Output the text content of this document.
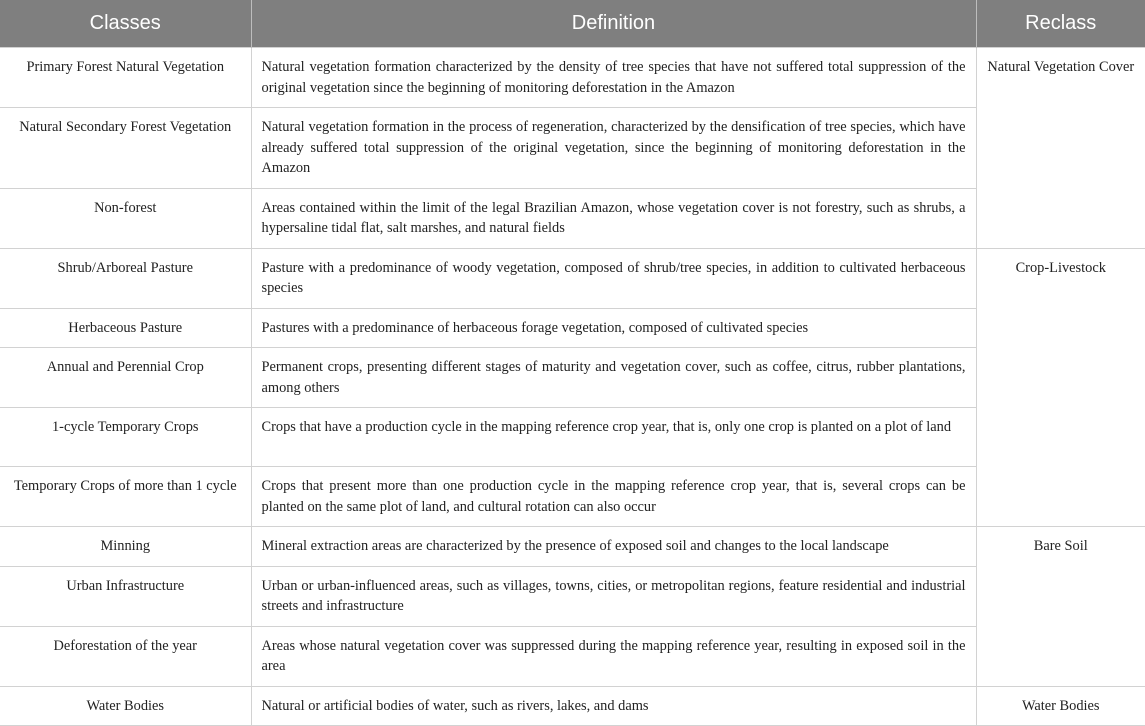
Classes	Definition	Reclass
Primary Forest Natural Vegetation	Natural vegetation formation characterized by the density of tree species that have not suffered total suppression of the original vegetation since the beginning of monitoring deforestation in the Amazon	Natural Vegetation Cover
Natural Secondary Forest Vegetation	Natural vegetation formation in the process of regeneration, characterized by the densification of tree species, which have already suffered total suppression of the original vegetation, since the beginning of monitoring deforestation in the Amazon	
Non-forest	Areas contained within the limit of the legal Brazilian Amazon, whose vegetation cover is not forestry, such as shrubs, a hypersaline tidal flat, salt marshes, and natural fields	
Shrub/Arboreal Pasture	Pasture with a predominance of woody vegetation, composed of shrub/tree species, in addition to cultivated herbaceous species	Crop-Livestock
Herbaceous Pasture	Pastures with a predominance of herbaceous forage vegetation, composed of cultivated species	
Annual and Perennial Crop	Permanent crops, presenting different stages of maturity and vegetation cover, such as coffee, citrus, rubber plantations, among others	
1-cycle Temporary Crops	Crops that have a production cycle in the mapping reference crop year, that is, only one crop is planted on a plot of land	
Temporary Crops of more than 1 cycle	Crops that present more than one production cycle in the mapping reference crop year, that is, several crops can be planted on the same plot of land, and cultural rotation can also occur	
Minning	Mineral extraction areas are characterized by the presence of exposed soil and changes to the local landscape	Bare Soil
Urban Infrastructure	Urban or urban-influenced areas, such as villages, towns, cities, or metropolitan regions, feature residential and industrial streets and infrastructure	
Deforestation of the year	Areas whose natural vegetation cover was suppressed during the mapping reference year, resulting in exposed soil in the area	
Water Bodies	Natural or artificial bodies of water, such as rivers, lakes, and dams	Water Bodies
